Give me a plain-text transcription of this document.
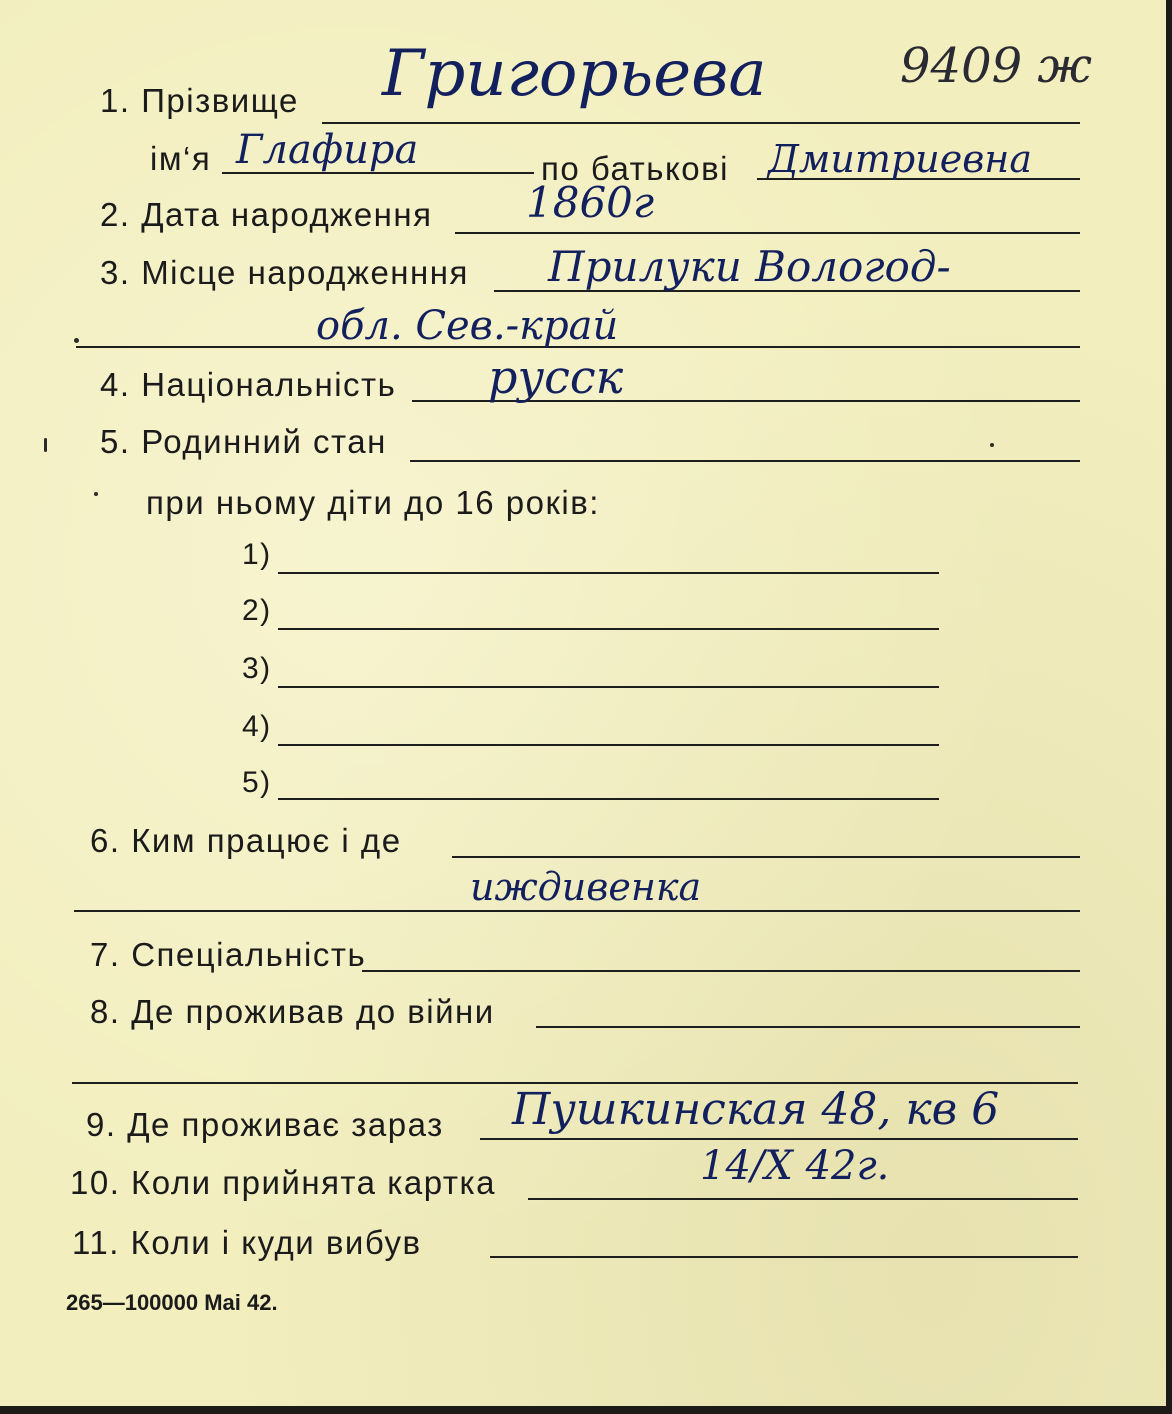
9409 ж
1. Прізвище Григорьева
ім‘я Глафира	по батькові Дмитриевна
2. Дата народження 1860г
3. Місце народженння Прилуки Вологод-
обл. Сев.-край
4. Національність русск
5. Родинний стан
при ньому діти до 16 років:
1)
2)
3)
4)
5)
6. Ким працює і де
иждивенка
7. Спеціальність
8. Де проживав до війни
9. Де проживає зараз Пушкинская 48, кв 6
10. Коли прийнята картка	14/X 42г.
11. Коли і куди вибув
265—100000 Mai 42.
